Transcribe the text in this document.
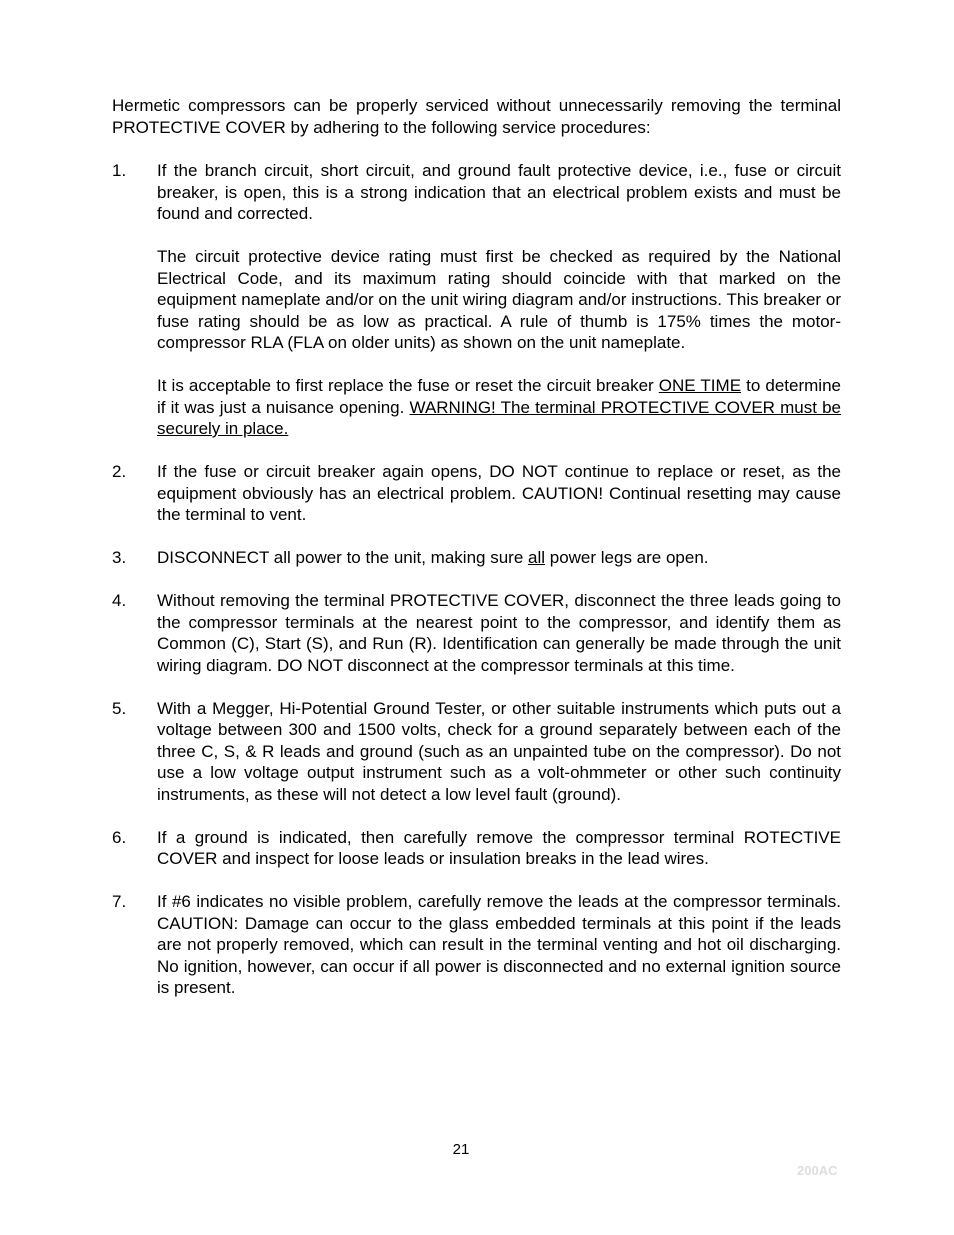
Hermetic compressors can be properly serviced without unnecessarily removing the terminal PROTECTIVE COVER by adhering to the following service procedures:

1. If the branch circuit, short circuit, and ground fault protective device, i.e., fuse or circuit breaker, is open, this is a strong indication that an electrical problem exists and must be found and corrected.

The circuit protective device rating must first be checked as required by the National Electrical Code, and its maximum rating should coincide with that marked on the equipment nameplate and/or on the unit wiring diagram and/or instructions. This breaker or fuse rating should be as low as practical. A rule of thumb is 175% times the motor-compressor RLA (FLA on older units) as shown on the unit nameplate.

It is acceptable to first replace the fuse or reset the circuit breaker ONE TIME to determine if it was just a nuisance opening. WARNING! The terminal PROTECTIVE COVER must be securely in place.

2. If the fuse or circuit breaker again opens, DO NOT continue to replace or reset, as the equipment obviously has an electrical problem. CAUTION! Continual resetting may cause the terminal to vent.

3. DISCONNECT all power to the unit, making sure all power legs are open.

4. Without removing the terminal PROTECTIVE COVER, disconnect the three leads going to the compressor terminals at the nearest point to the compressor, and identify them as Common (C), Start (S), and Run (R). Identification can generally be made through the unit wiring diagram. DO NOT disconnect at the compressor terminals at this time.

5. With a Megger, Hi-Potential Ground Tester, or other suitable instruments which puts out a voltage between 300 and 1500 volts, check for a ground separately between each of the three C, S, & R leads and ground (such as an unpainted tube on the compressor). Do not use a low voltage output instrument such as a volt-ohmmeter or other such continuity instruments, as these will not detect a low level fault (ground).

6. If a ground is indicated, then carefully remove the compressor terminal ROTECTIVE COVER and inspect for loose leads or insulation breaks in the lead wires.

7. If #6 indicates no visible problem, carefully remove the leads at the compressor terminals. CAUTION: Damage can occur to the glass embedded terminals at this point if the leads are not properly removed, which can result in the terminal venting and hot oil discharging. No ignition, however, can occur if all power is disconnected and no external ignition source is present.

21
200AC
